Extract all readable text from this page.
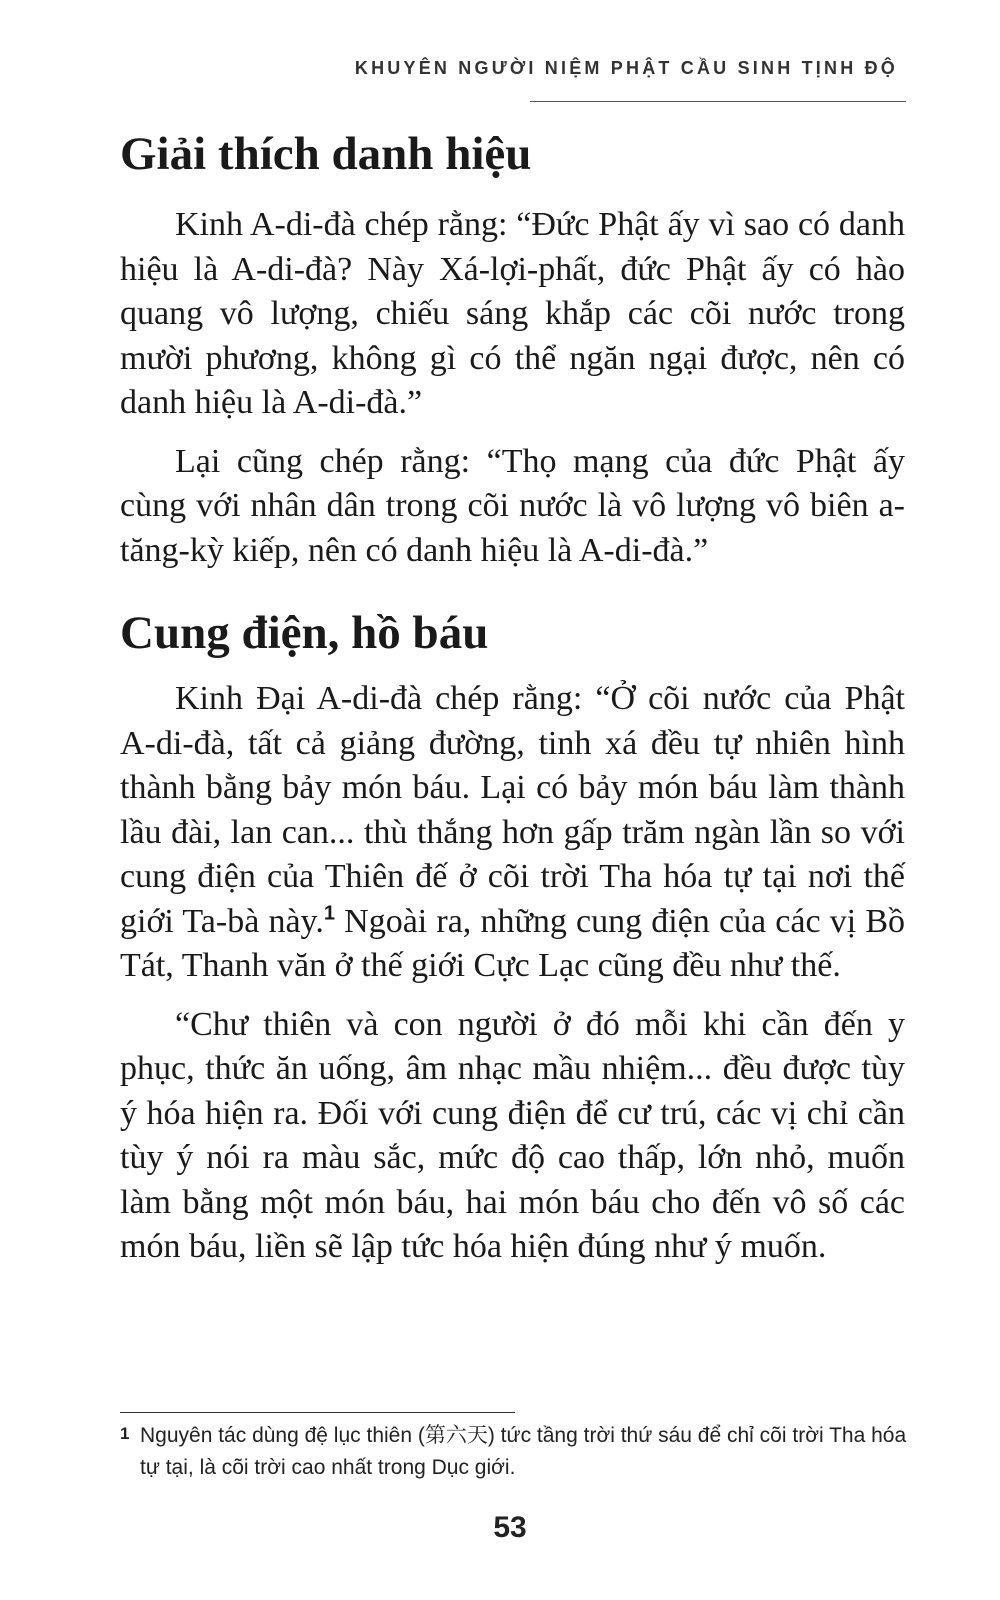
KHUYÊN NGƯỜI NIỆM PHẬT CẦU SINH TỊNH ĐỘ
Giải thích danh hiệu

Kinh A-di-đà chép rằng: “Đức Phật ấy vì sao có danh hiệu là A-di-đà? Này Xá-lợi-phất, đức Phật ấy có hào quang vô lượng, chiếu sáng khắp các cõi nước trong mười phương, không gì có thể ngăn ngại được, nên có danh hiệu là A-di-đà.”

Lại cũng chép rằng: “Thọ mạng của đức Phật ấy cùng với nhân dân trong cõi nước là vô lượng vô biên a-tăng-kỳ kiếp, nên có danh hiệu là A-di-đà.”

Cung điện, hồ báu

Kinh Đại A-di-đà chép rằng: “Ở cõi nước của Phật A-di-đà, tất cả giảng đường, tinh xá đều tự nhiên hình thành bằng bảy món báu. Lại có bảy món báu làm thành lầu đài, lan can... thù thắng hơn gấp trăm ngàn lần so với cung điện của Thiên đế ở cõi trời Tha hóa tự tại nơi thế giới Ta-bà này.$^1$ Ngoài ra, những cung điện của các vị Bồ Tát, Thanh văn ở thế giới Cực Lạc cũng đều như thế.

“Chư thiên và con người ở đó mỗi khi cần đến y phục, thức ăn uống, âm nhạc mầu nhiệm... đều được tùy ý hóa hiện ra. Đối với cung điện để cư trú, các vị chỉ cần tùy ý nói ra màu sắc, mức độ cao thấp, lớn nhỏ, muốn làm bằng một món báu, hai món báu cho đến vô số các món báu, liền sẽ lập tức hóa hiện đúng như ý muốn.

1 Nguyên tác dùng đệ lục thiên (第六天) tức tầng trời thứ sáu để chỉ cõi trời Tha hóa tự tại, là cõi trời cao nhất trong Dục giới.
53
